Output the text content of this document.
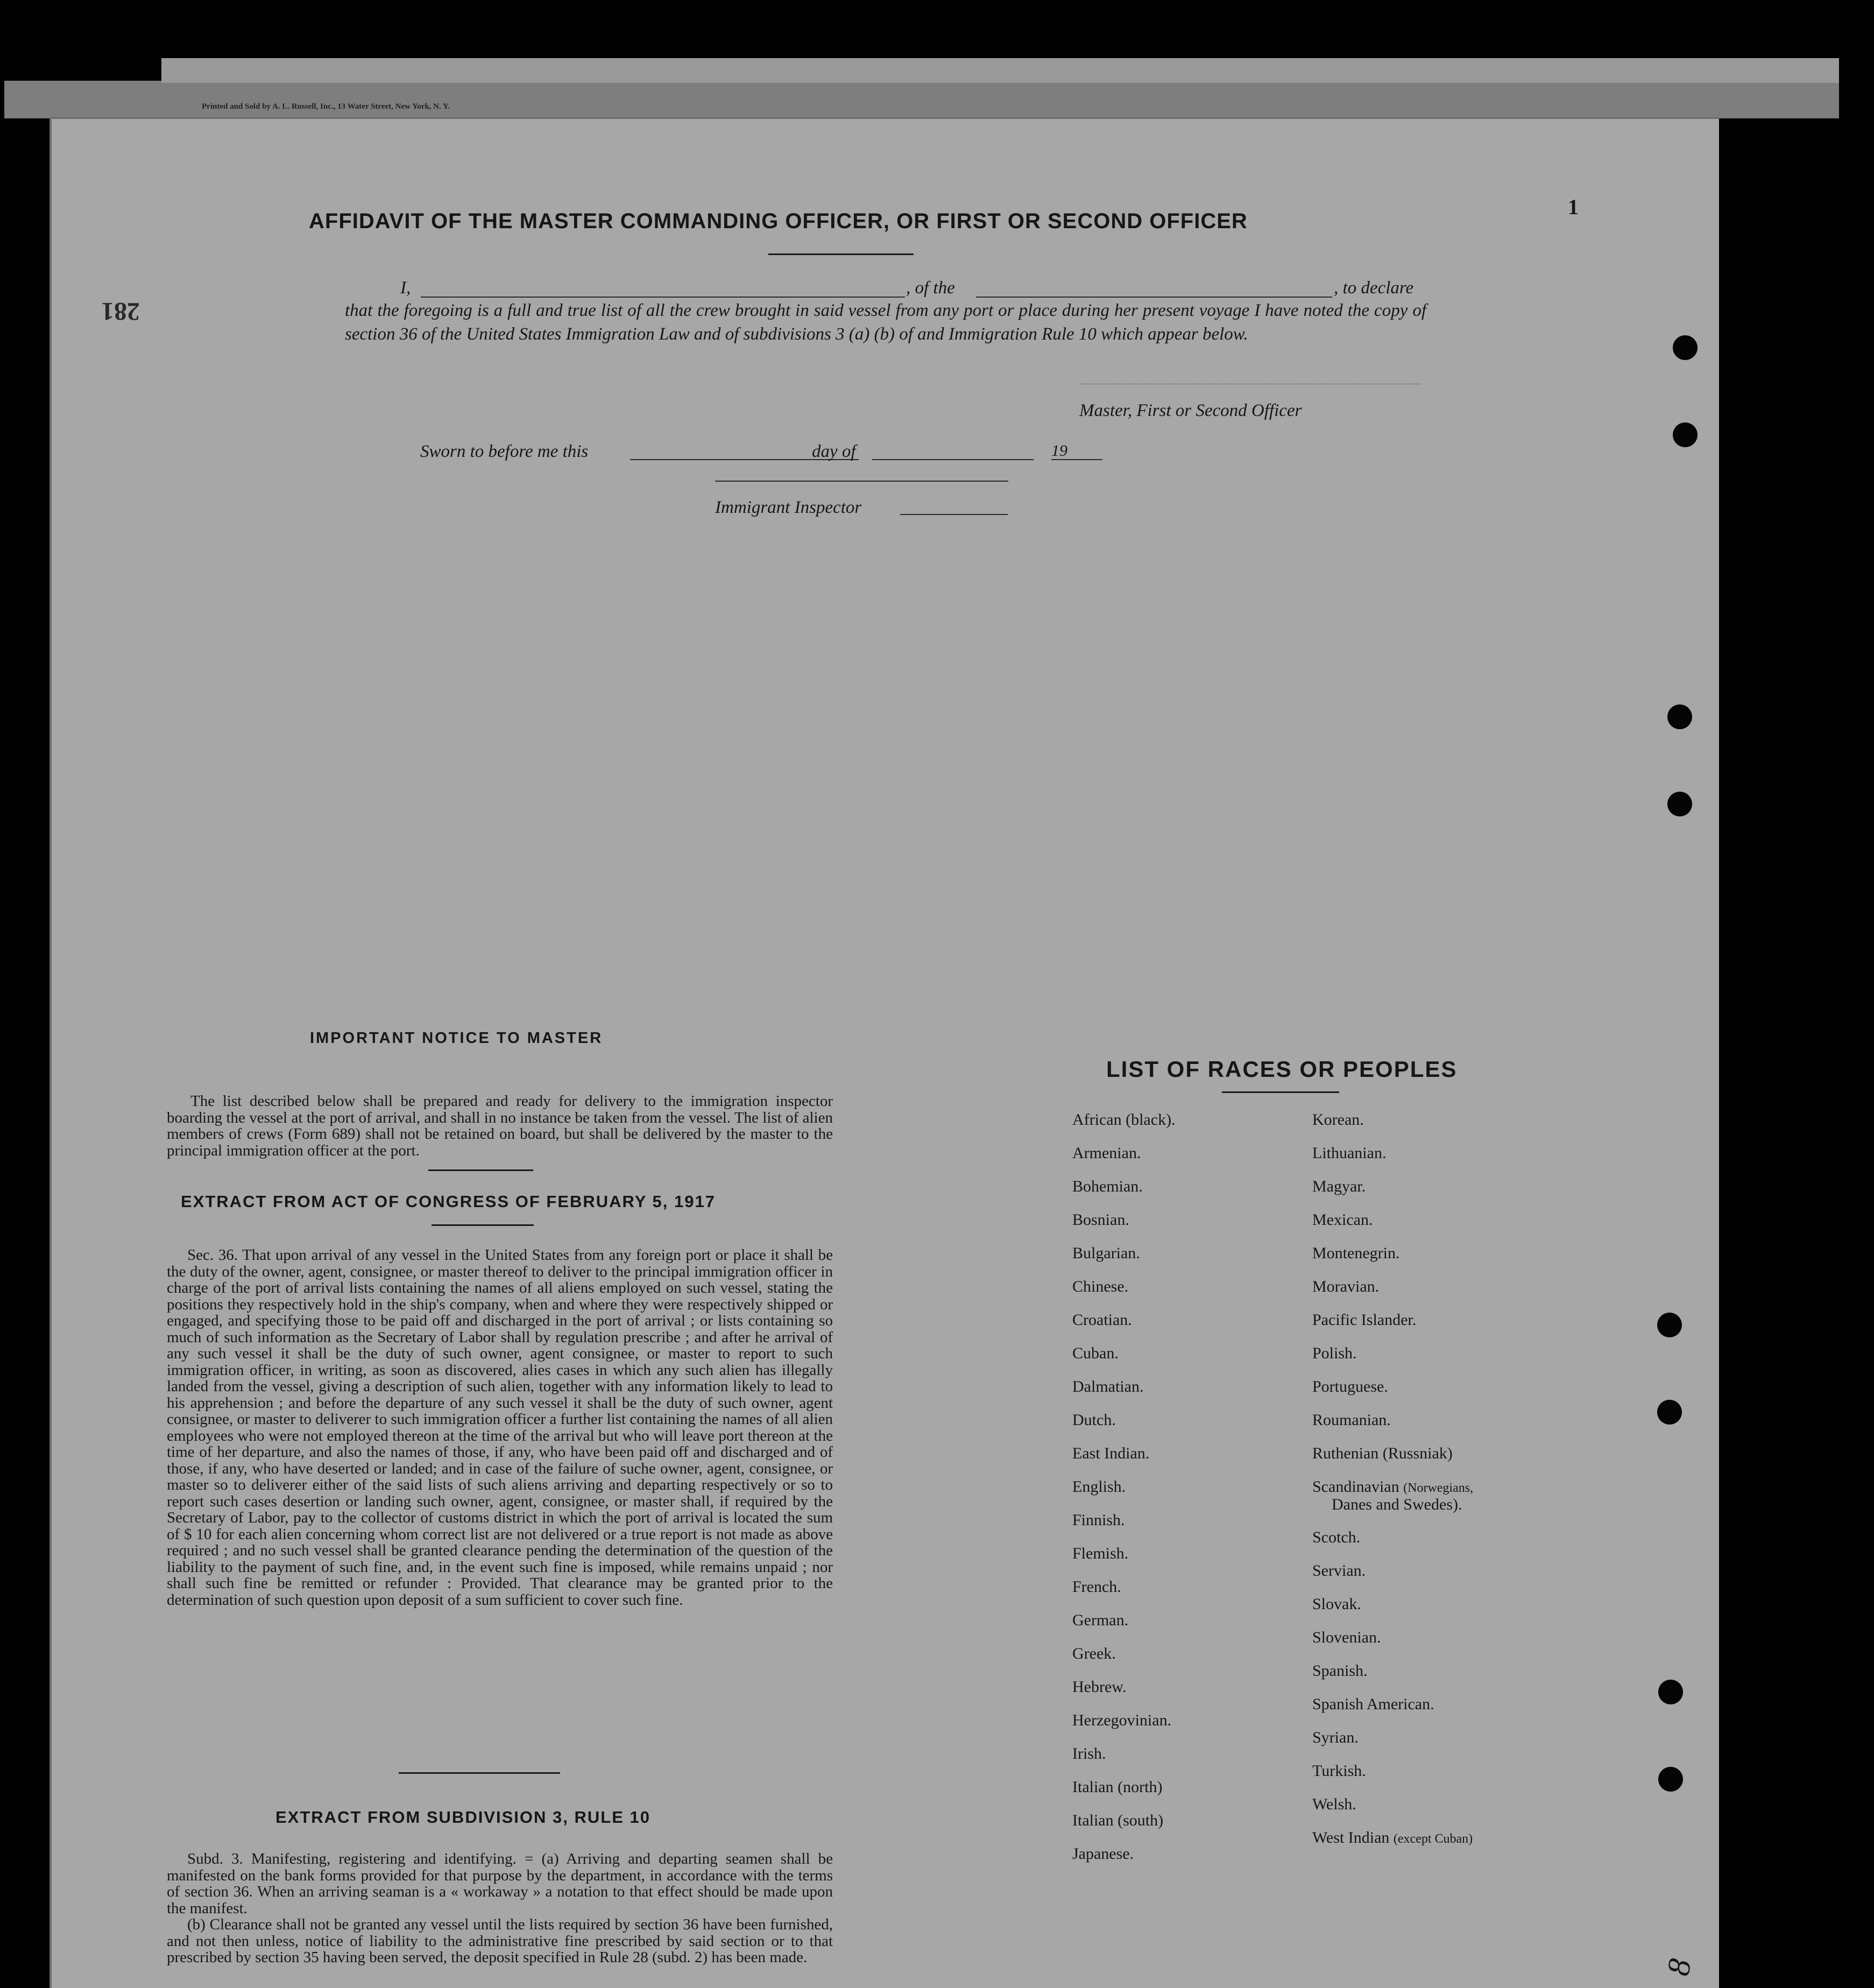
Printed and Sold by A. L. Russell, Inc., 13 Water Street, New York, N. Y.
281
1
8
AFFIDAVIT OF THE MASTER COMMANDING OFFICER, OR FIRST OR SECOND OFFICER
I,	, of the	, to declare
that the foregoing is a full and true list of all the crew brought in said vessel from any port or place during her present voyage I have noted the copy of section 36 of the United States Immigration Law and of subdivisions 3 (a) (b) of and Immigration Rule 10 which appear below.
Master, First or Second Officer
Sworn to before me this	day of	19
Immigrant Inspector
IMPORTANT NOTICE TO MASTER
The list described below shall be prepared and ready for delivery to the immigration inspector boarding the vessel at the port of arrival, and shall in no instance be taken from the vessel. The list of alien members of crews (Form 689) shall not be retained on board, but shall be delivered by the master to the principal immigration officer at the port.
EXTRACT FROM ACT OF CONGRESS OF FEBRUARY 5, 1917
Sec. 36. That upon arrival of any vessel in the United States from any foreign port or place it shall be the duty of the owner, agent, consignee, or master thereof to deliver to the principal immigration officer in charge of the port of arrival lists containing the names of all aliens employed on such vessel, stating the positions they respectively hold in the ship's company, when and where they were respectively shipped or engaged, and specifying those to be paid off and discharged in the port of arrival ; or lists containing so much of such information as the Secretary of Labor shall by regulation prescribe ; and after he arrival of any such vessel it shall be the duty of such owner, agent consignee, or master to report to such immigration officer, in writing, as soon as discovered, alies cases in which any such alien has illegally landed from the vessel, giving a description of such alien, together with any information likely to lead to his apprehension ; and before the departure of any such vessel it shall be the duty of such owner, agent consignee, or master to deliverer to such immigration officer a further list containing the names of all alien employees who were not employed thereon at the time of the arrival but who will leave port thereon at the time of her departure, and also the names of those, if any, who have been paid off and discharged and of those, if any, who have deserted or landed; and in case of the failure of suche owner, agent, consignee, or master so to deliverer either of the said lists of such aliens arriving and departing respectively or so to report such cases desertion or landing such owner, agent, consignee, or master shall, if required by the Secretary of Labor, pay to the collector of customs district in which the port of arrival is located the sum of $ 10 for each alien concerning whom correct list are not delivered or a true report is not made as above required ; and no such vessel shall be granted clearance pending the determination of the question of the liability to the payment of such fine, and, in the event such fine is imposed, while remains unpaid ; nor shall such fine be remitted or refunder : Provided. That clearance may be granted prior to the determination of such question upon deposit of a sum sufficient to cover such fine.
EXTRACT FROM SUBDIVISION 3, RULE 10

Subd. 3. Manifesting, registering and identifying. = (a) Arriving and departing seamen shall be manifested on the bank forms provided for that purpose by the department, in accordance with the terms of section 36. When an arriving seaman is a « workaway » a notation to that effect should be made upon the manifest.

(b) Clearance shall not be granted any vessel until the lists required by section 36 have been furnished, and not then unless, notice of liability to the administrative fine prescribed by said section or to that prescribed by section 35 having been served, the deposit specified in Rule 28 (subd. 2) has been made.

LIST OF RACES OR PEOPLES
African (black).
Armenian.
Bohemian.
Bosnian.
Bulgarian.
Chinese.
Croatian.
Cuban.
Dalmatian.
Dutch.
East Indian.
English.
Finnish.
Flemish.
French.
German.
Greek.
Hebrew.
Herzegovinian.
Irish.
Italian (north)
Italian (south)
Japanese.
Korean.
Lithuanian.
Magyar.
Mexican.
Montenegrin.
Moravian.
Pacific Islander.
Polish.
Portuguese.
Roumanian.
Ruthenian (Russniak)
Scandinavian (Norwegians,
Danes and Swedes).
Scotch.
Servian.
Slovak.
Slovenian.
Spanish.
Spanish American.
Syrian.
Turkish.
Welsh.
West Indian (except Cuban)
